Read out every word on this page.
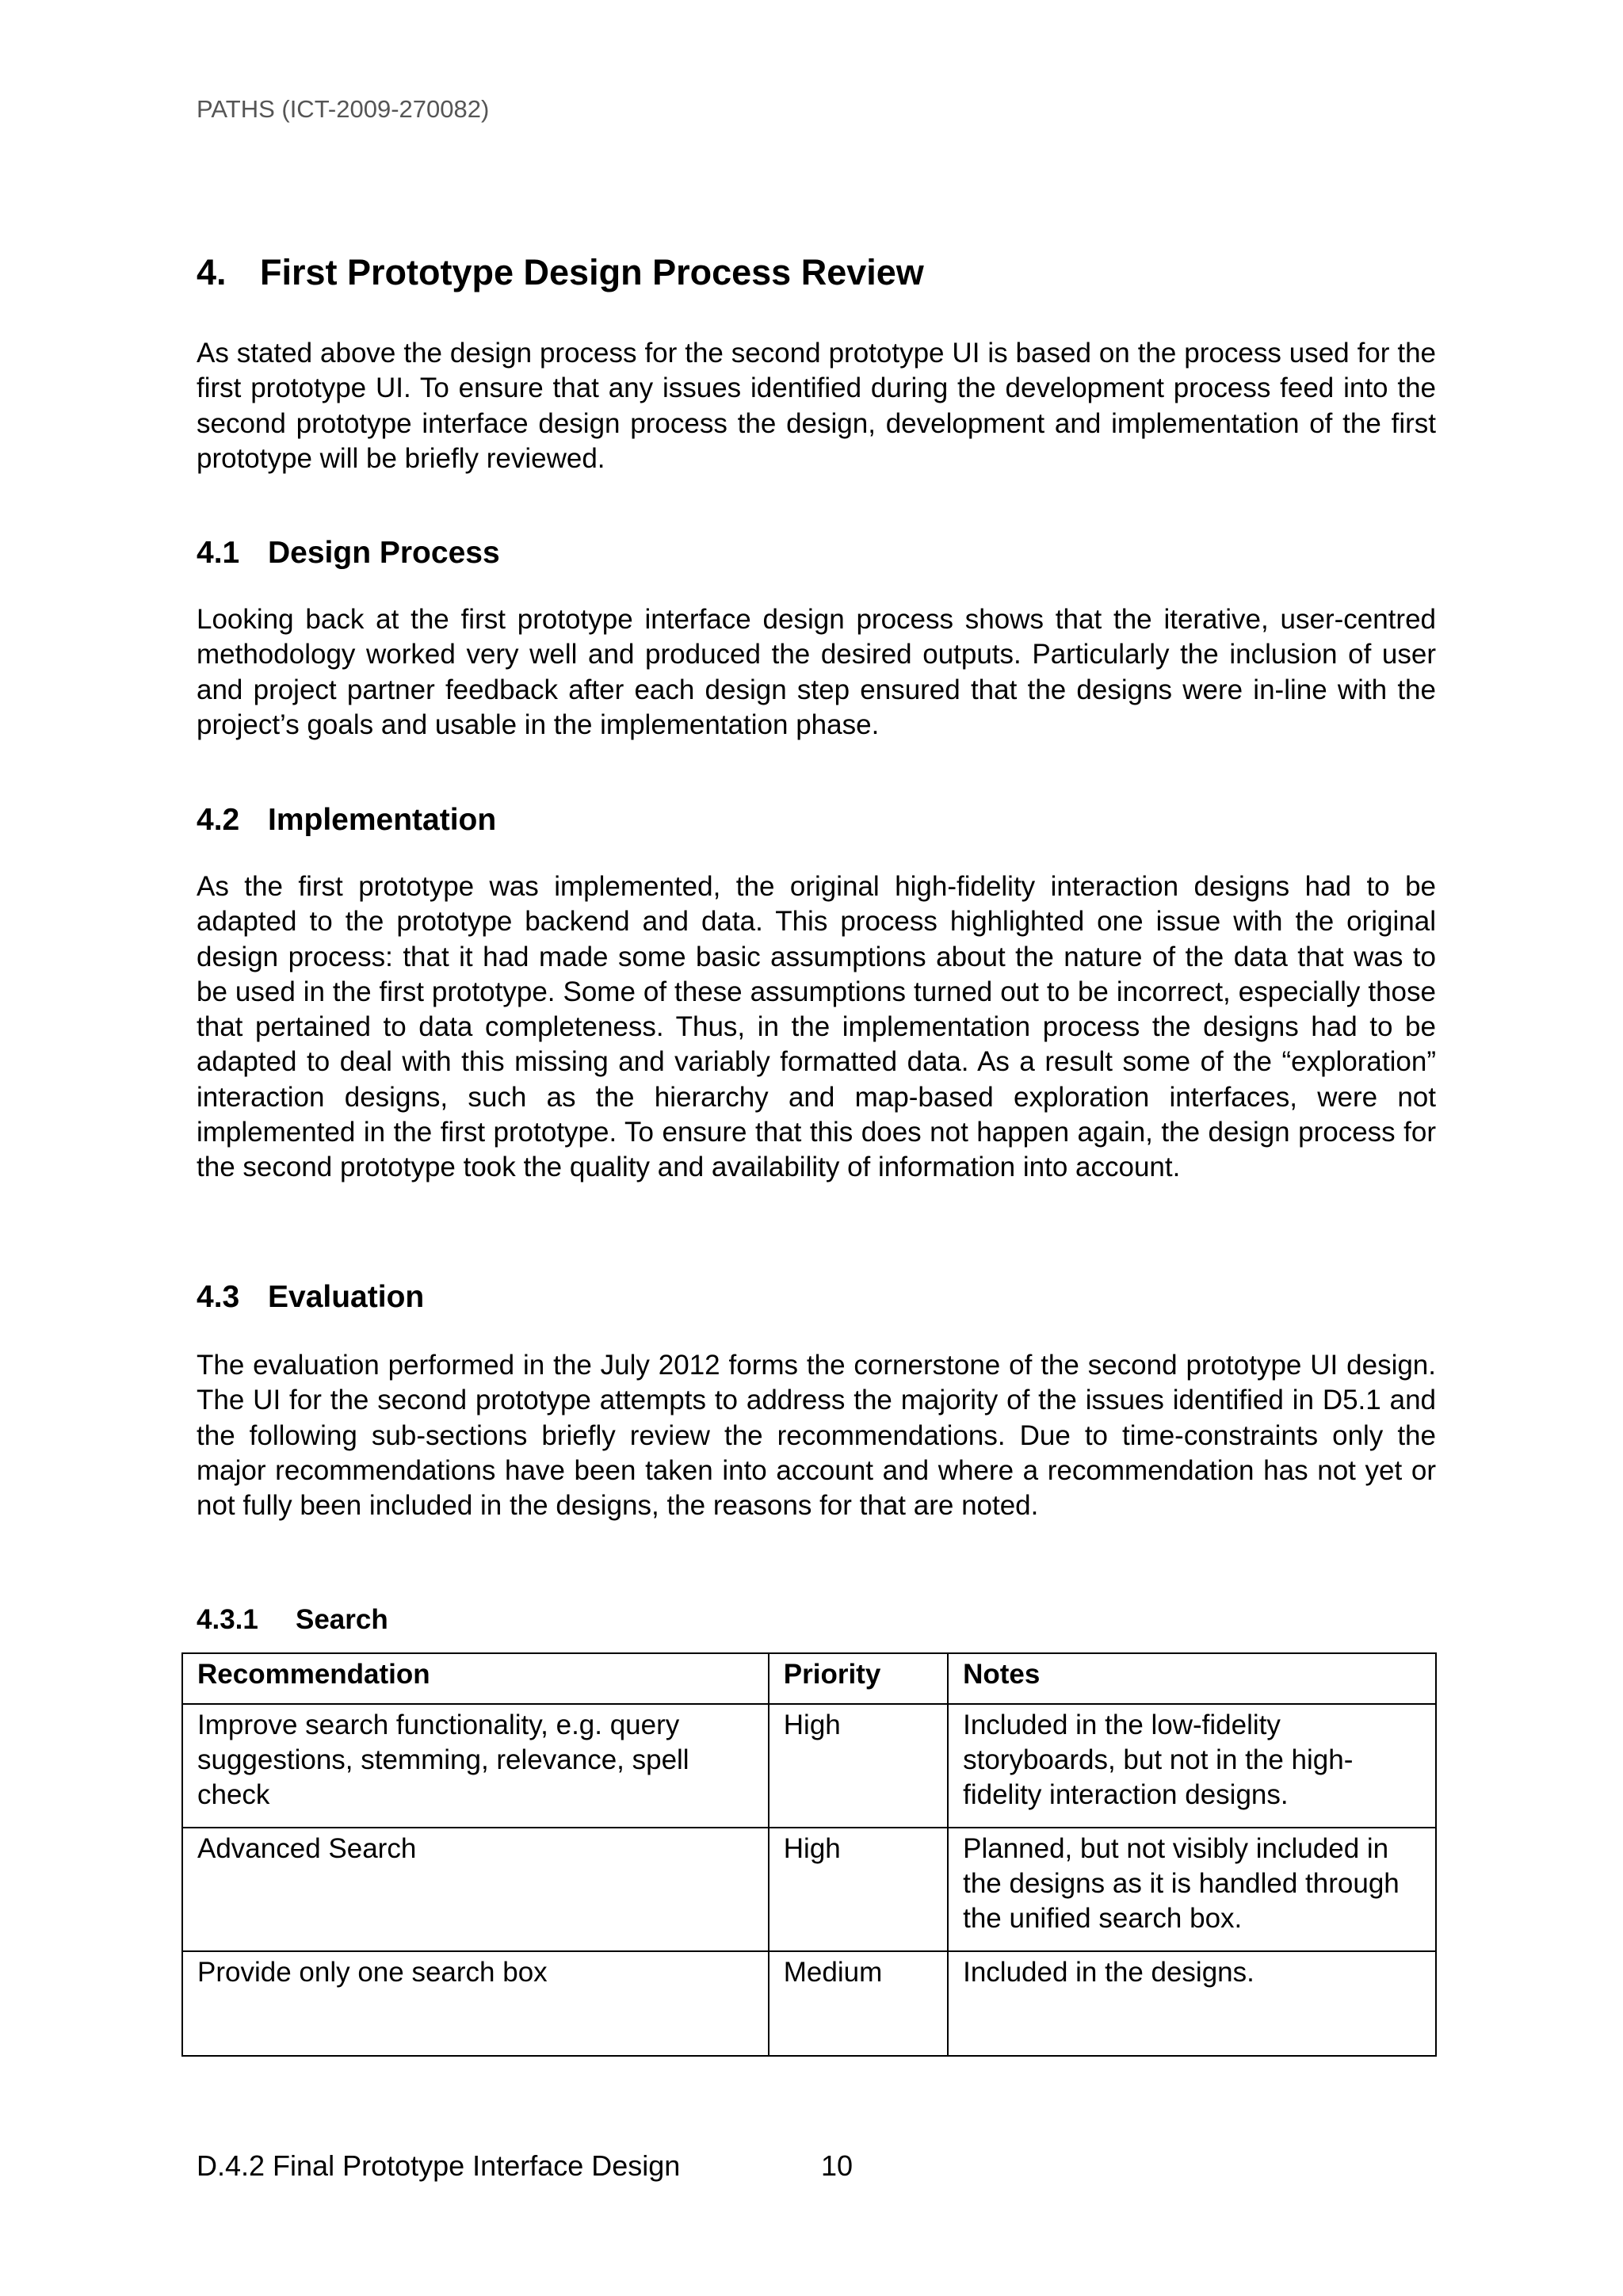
PATHS (ICT-2009-270082)
4. First Prototype Design Process Review

As stated above the design process for the second prototype UI is based on the process used for the first prototype UI. To ensure that any issues identified during the development process feed into the second prototype interface design process the design, development and implementation of the first prototype will be briefly reviewed.

4.1 Design Process

Looking back at the first prototype interface design process shows that the iterative, user-centred methodology worked very well and produced the desired outputs. Particularly the inclusion of user and project partner feedback after each design step ensured that the designs were in-line with the project’s goals and usable in the implementation phase.

4.2 Implementation

As the first prototype was implemented, the original high-fidelity interaction designs had to be adapted to the prototype backend and data. This process highlighted one issue with the original design process: that it had made some basic assumptions about the nature of the data that was to be used in the first prototype. Some of these assumptions turned out to be incorrect, especially those that pertained to data completeness. Thus, in the implementation process the designs had to be adapted to deal with this missing and variably formatted data. As a result some of the “exploration” interaction designs, such as the hierarchy and map-based exploration interfaces, were not implemented in the first prototype. To ensure that this does not happen again, the design process for the second prototype took the quality and availability of information into account.

4.3 Evaluation

The evaluation performed in the July 2012 forms the cornerstone of the second prototype UI design. The UI for the second prototype attempts to address the majority of the issues identified in D5.1 and the following sub-sections briefly review the recommendations. Due to time-constraints only the major recommendations have been taken into account and where a recommendation has not yet or not fully been included in the designs, the reasons for that are noted.

4.3.1 Search
Recommendation	Priority	Notes
Improve search functionality, e.g. query suggestions, stemming, relevance, spell check	High	Included in the low-fidelity storyboards, but not in the high-fidelity interaction designs.
Advanced Search	High	Planned, but not visibly included in the designs as it is handled through the unified search box.
Provide only one search box	Medium	Included in the designs.
D.4.2 Final Prototype Interface Design	10
